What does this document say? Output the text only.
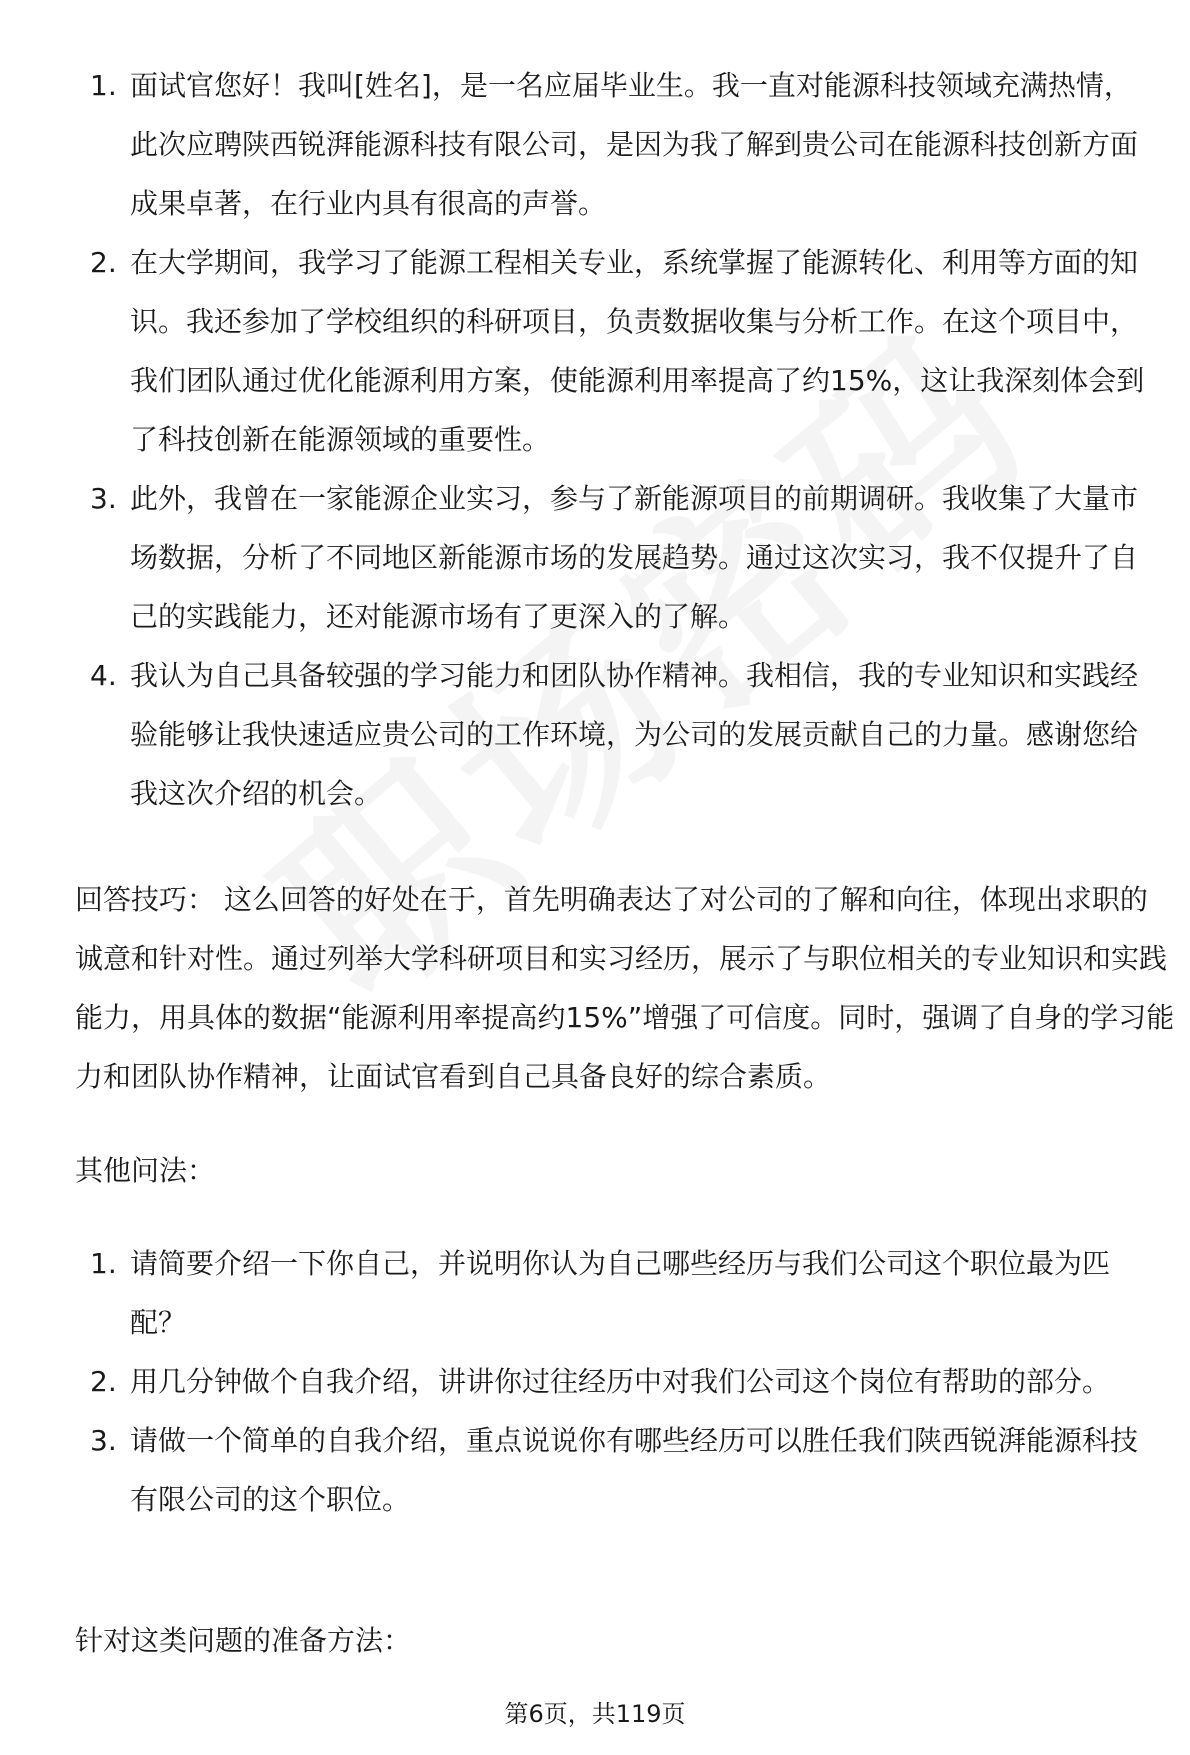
1. 面试官您好！我叫[姓名]，是一名应届毕业生。我一直对能源科技领域充满热情，此次应聘陕西锐湃能源科技有限公司，是因为我了解到贵公司在能源科技创新方面成果卓著，在行业内具有很高的声誉。
2. 在大学期间，我学习了能源工程相关专业，系统掌握了能源转化、利用等方面的知识。我还参加了学校组织的科研项目，负责数据收集与分析工作。在这个项目中，我们团队通过优化能源利用方案，使能源利用率提高了约15%，这让我深刻体会到了科技创新在能源领域的重要性。
3. 此外，我曾在一家能源企业实习，参与了新能源项目的前期调研。我收集了大量市场数据，分析了不同地区新能源市场的发展趋势。通过这次实习，我不仅提升了自己的实践能力，还对能源市场有了更深入的了解。
4. 我认为自己具备较强的学习能力和团队协作精神。我相信，我的专业知识和实践经验能够让我快速适应贵公司的工作环境，为公司的发展贡献自己的力量。感谢您给我这次介绍的机会。

回答技巧： 这么回答的好处在于，首先明确表达了对公司的了解和向往，体现出求职的诚意和针对性。通过列举大学科研项目和实习经历，展示了与职位相关的专业知识和实践能力，用具体的数据“能源利用率提高约15%”增强了可信度。同时，强调了自身的学习能力和团队协作精神，让面试官看到自己具备良好的综合素质。

其他问法：

1. 请简要介绍一下你自己，并说明你认为自己哪些经历与我们公司这个职位最为匹配？
2. 用几分钟做个自我介绍，讲讲你过往经历中对我们公司这个岗位有帮助的部分。
3. 请做一个简单的自我介绍，重点说说你有哪些经历可以胜任我们陕西锐湃能源科技有限公司的这个职位。

针对这类问题的准备方法：

第6页，共119页
